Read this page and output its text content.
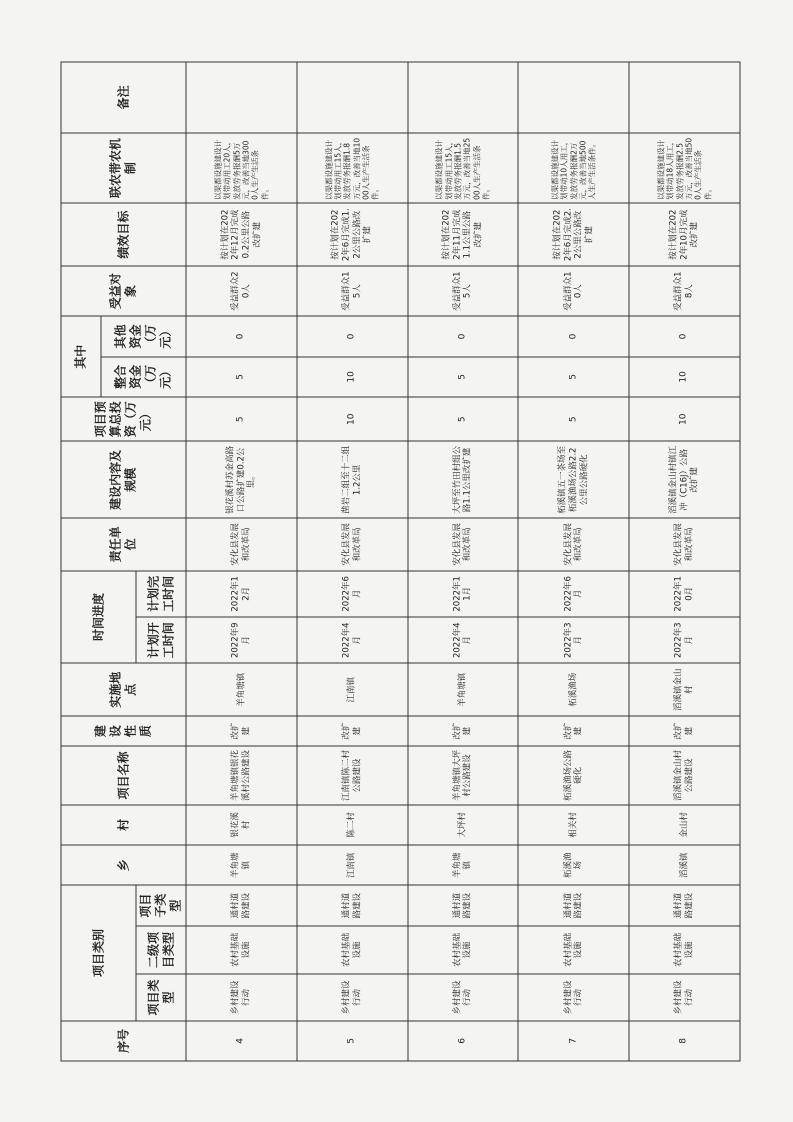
序号	项目类别			乡	村	项目名称	建设性质	实施地点	时间进度		责任单位	建设内容及规模	项目预算总投资（万元）	其中		受益对象	绩效目标	联农带农机制	备注
														整合资金（万元）	其他资金（万元）				
	项目类型	二级项目类型	项目子类型						计划开工时间	计划完工时间									
4	乡村建设行动	农村基础设施	通村道路建设	羊角塘镇	银花溪村	羊角塘镇银花溪村公路建设	改扩建	羊角塘镇	2022年9月	2022年12月	安化县发展和改革局	银花溪村苏金高路口公路扩建0.2公里。	5	5	0	受益群众20人	按计划在2022年12月完成0.2公里公路改扩建	以渠都设施建设计划带动用工20人，发放劳务报酬5万元，改善当地3000人生产生活条件。	
5	乡村建设行动	农村基础设施	通村道路建设	江南镇	陈二村	江南镇陈二村公路建设	改扩建	江南镇	2022年4月	2022年6月	安化县发展和改革局	凿岩二组至十二组1.2公里	10	10	0	受益群众15人	按计划在2022年6月完成1.2公里公路改扩建	以渠都设施建设计划带动用工15人，发放劳务报酬1.8万元，改善当地1000人生产生活条件。	
6	乡村建设行动	农村基础设施	通村道路建设	羊角塘镇	大坪村	羊角塘镇大坪村公路建设	改扩建	羊角塘镇	2022年4月	2022年11月	安化县发展和改革局	大坪至竹田村组公路1.1公里改扩建	5	5	0	受益群众15人	按计划在2022年11月完成1.1公里公路改扩建	以渠都设施建设计划带动用工15人，发放劳务报酬1.5万元，改善当地2500人生产生活条件。	
7	乡村建设行动	农村基础设施	通村道路建设	柘溪渔场	相关村	柘溪渔场公路硬化	改扩建	柘溪渔场	2022年3月	2022年6月	安化县发展和改革局	柘溪镇五一茶场至柘溪渔场公路2.2公里公路硬化	5	5	0	受益群众10人	按计划在2022年6月完成2.2公里公路改扩建	以渠都设施建设计划带动10人用工，发放劳务报酬2万元，改善当地500人生产生活条件。	
8	乡村建设行动	农村基础设施	通村道路建设	滔溪镇	金山村	滔溪镇金山村公路建设	改扩建	滔溪镇金山村	2022年3月	2022年10月	安化县发展和改革局	滔溪镇金山村镇江冲（C16J）公路改扩建	10	10	0	受益群众18人	按计划在2022年10月完成改扩建	以渠都设施建设计划带动18人用工，发放劳务报酬2.5万元，改善当地500人生产生活条件。	
